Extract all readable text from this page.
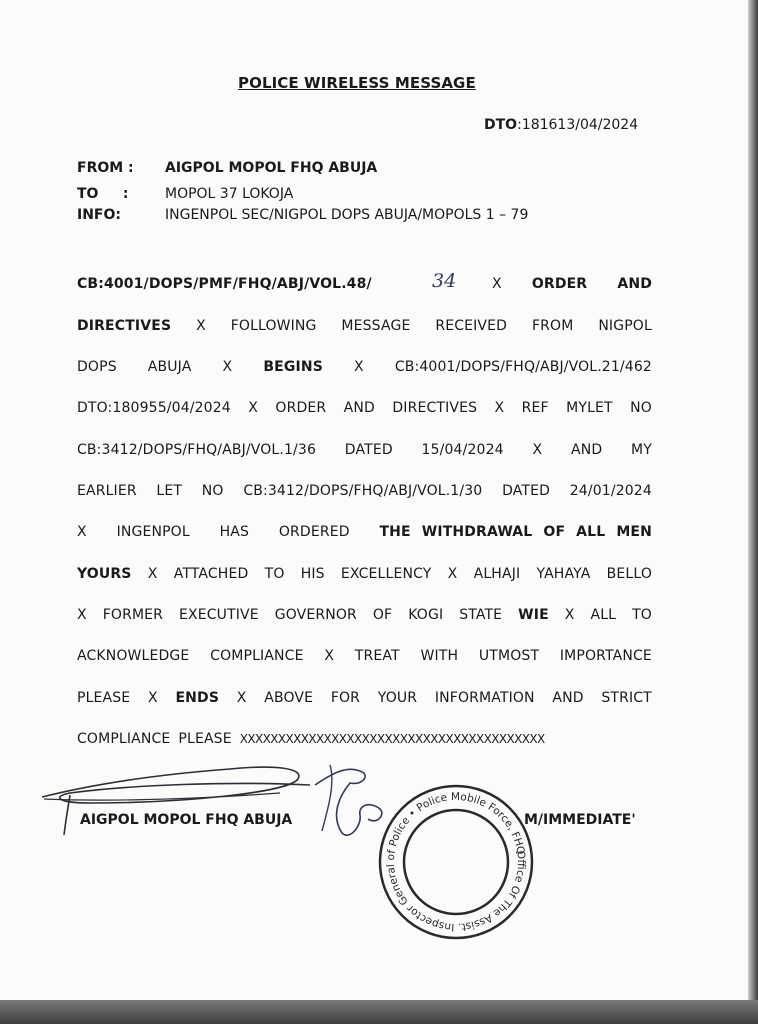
POLICE WIRELESS MESSAGE
DTO:181613/04/2024
FROM : AIGPOL MOPOL FHQ ABUJA
TO     :	MOPOL 37 LOKOJA
INFO:	INGENPOL SEC/NIGPOL DOPS ABUJA/MOPOLS 1 – 79
CB:4001/DOPS/PMF/FHQ/ABJ/VOL.48/	X ORDER AND
34
DIRECTIVES X FOLLOWING MESSAGE RECEIVED FROM NIGPOL
DOPS ABUJA X BEGINS X CB:4001/DOPS/FHQ/ABJ/VOL.21/462
DTO:180955/04/2024 X ORDER AND DIRECTIVES X REF MYLET NO
CB:3412/DOPS/FHQ/ABJ/VOL.1/36 DATED 15/04/2024 X AND MY
EARLIER LET NO CB:3412/DOPS/FHQ/ABJ/VOL.1/30 DATED 24/01/2024
X INGENPOL HAS ORDERED THE WITHDRAWAL OF ALL MEN
YOURS X ATTACHED TO HIS EXCELLENCY X ALHAJI YAHAYA BELLO
X FORMER EXECUTIVE GOVERNOR OF KOGI STATE WIE X ALL TO
ACKNOWLEDGE COMPLIANCE X TREAT WITH UTMOST IMPORTANCE
PLEASE X ENDS X ABOVE FOR YOUR INFORMATION AND STRICT
COMPLIANCE PLEASE XXXXXXXXXXXXXXXXXXXXXXXXXXXXXXXXXXXXXXXX
AIGPOL MOPOL FHQ ABUJA	M/IMMEDIATE'
Office Of The Assist. Inspector General of Police • Police Mobile Force, FHQ
